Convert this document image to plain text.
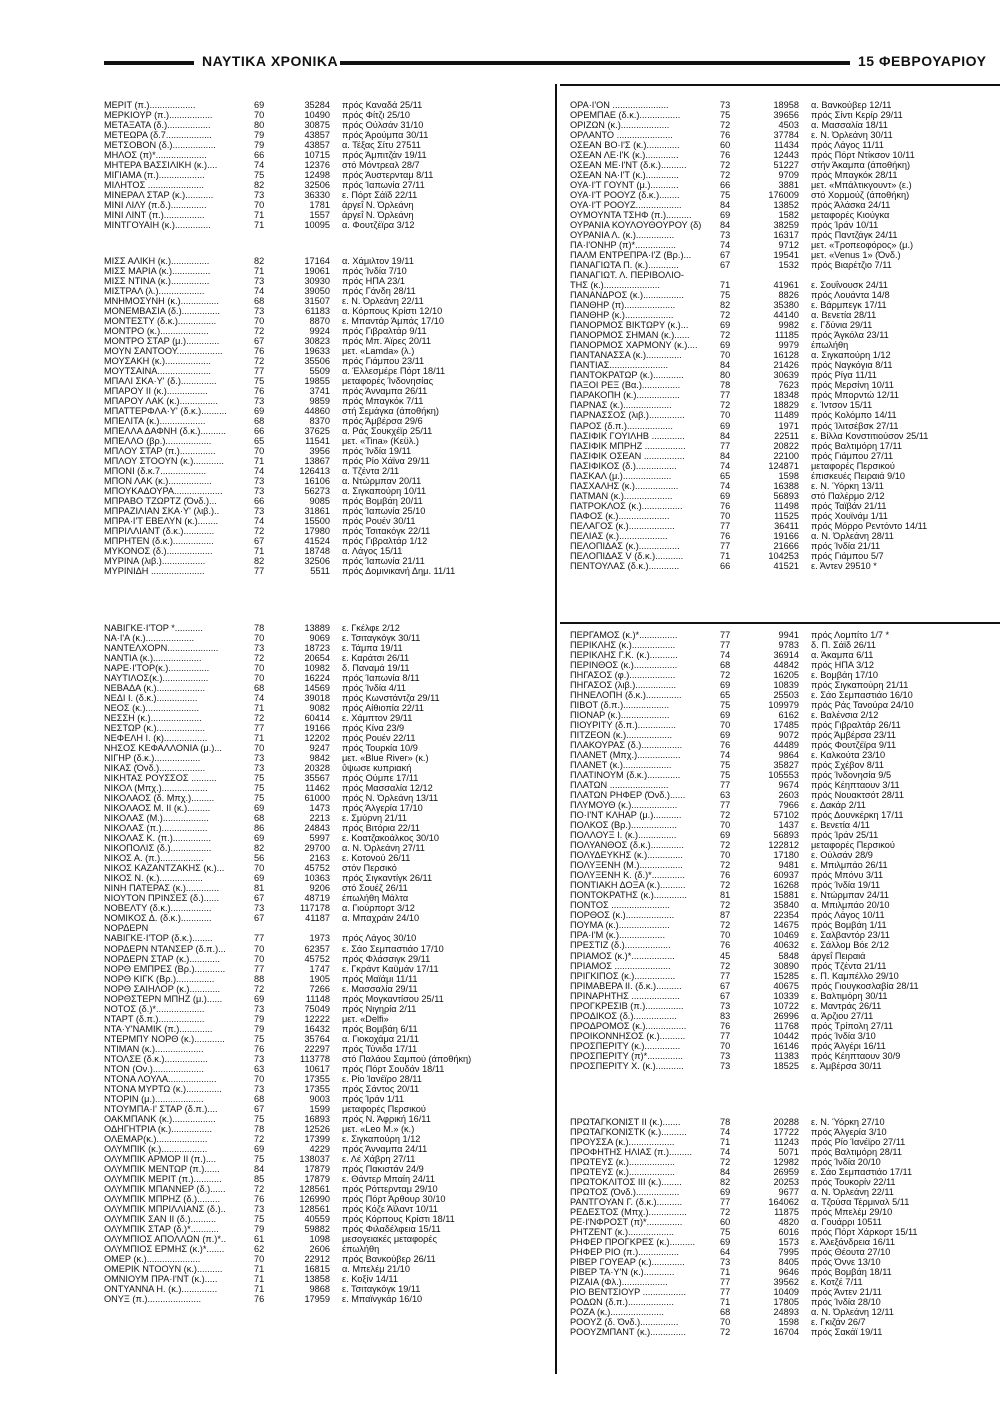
ΝΑΥΤΙΚΑ ΧΡΟΝΙΚΑ	15 ΦΕΒΡΟΥΑΡΙΟΥ
ΜΕΡΙΤ (π.)..................	69	35284 πρός Καναδά 25/11
ΜΕΡΚΙΟΥΡ (π.).................	70	10490 πρός Φίτζι 25/10
ΜΕΤΑΞΑΤΑ (δ.).................	80	30875 πρός Ούλσάν 31/10
ΜΕΤΕΩΡΑ (δ.7..................	79	43857 πρός Άρούμπα 30/11
ΜΕΤΣΟΒΟΝ (δ.).................	79	43857 α. Τέξας Σίτυ 27511
ΜΗΛΟΣ (π)*....................	66	10715 πρός Άμπιτζάν 19/11
ΜΗΤΕΡΑ ΒΑΣΣΙΛΙΚΗ (κ.)....	74	12376 στό Μόντρεαλ 28/7
ΜΙΓΙΑΜΑ (π.)..................	75	12498 πρός Άυστερνταμ 8/11
ΜΙΛΗΤΟΣ ......................	82	32506 πρός Ίαπωνία 27/11
ΜΙΝΕΡΑΛ ΣΤΑΡ (κ.)...........	73	36330 ε. Πόρτ Σάϊδ 22/11
ΜΙΝΙ ΛΙΛΥ (π.δ.)..............	70	1781 άργεΐ Ν. Όρλεάνη
ΜΙΝΙ ΛΙΝΤ (π.)................	71	1557 άργεΐ Ν. Όρλεάνη
ΜΙΝΤΓΟΥΑΙΗ (κ.)..............	71	10095 α. Φουτζέϊρα 3/12
ΜΙΣΣ ΑΛΙΚΗ (κ.)...............	82	17164 α. Χάμιλτον 19/11
ΜΙΣΣ ΜΑΡΙΑ (κ.)...............	71	19061 πρός Ίνδία 7/10
ΜΙΣΣ ΝΤΙΝΑ (κ.)...............	73	30930 πρός ΗΠΑ 23/1
ΜΙΣΤΡΑΛ (λ.)..................	74	39050 πρός Γάνδη 28/11
ΜΝΗΜΟΣΥΝΗ (κ.)...............	68	31507 ε. Ν. Όρλεάνη 22/11
ΜΟΝΕΜΒΑΣΙΑ (δ.)...............	73	61183 α. Κόρπους Κρίστι 12/10
ΜΟΝΤΕΣΤΥ (δ.κ.)...............	70	8870 ε. Μπαντάρ Άμπάς 17/10
ΜΟΝΤΡΟ (κ.)...................	72	9924 πρός Γιβραλτάρ 9/11
ΜΟΝΤΡΟ ΣΤΑΡ (μ.).............	67	30823 πρός Μπ. Άϊρες 20/11
ΜΟΥΝ ΣΑΝΤΟΟΥ..................	76	19633 μετ. «Lamda» (λ.)
ΜΟΥΣΑΚΗ (κ.)..................	72	35506 πρός Γιάμπου 23/11
ΜΟΥΤΣΑΙΝΑ.....................	77	5509 α. Έλλεσμέρε Πόρτ 18/11
ΜΠΑΛΙ ΣΚΑ·Υ' (δ.)..............	75	19855 μεταφορές Ίνδονησίας
ΜΠΑΡΟΥ ΙΙ (κ.)................	76	3741 πρός Άνναμπα 26/11
ΜΠΑΡΟΥ ΛΑΚ (κ.)...............	73	9859 πρός Μπαγκόκ 7/11
ΜΠΑΤΤΕΡΦΛΑ·Υ' (δ.κ.)..........	69	44860 στή Σεμάγκα (άποθήκη)
ΜΠΕΛΙΤΑ (κ.)..................	68	8370 πρός Άμβέρσα 29/6
ΜΠΕΛΛΑ ΔΑΦΝΗ (δ.κ.)..........	66	37625 α. Ράς Σουκχέϊρ 25/11
ΜΠΕΛΛΟ (βρ.)..................	65	11541 μετ. «Tina» (Κεϋλ.)
ΜΠΛΟΥ ΣΤΑΡ (π.)..............	70	3956 πρός Ίνδία 19/11
ΜΠΛΟΥ ΣΤΟΟΥΝ (κ.)............	71	13867 πρός Ρίο Χάϊνα 29/11
ΜΠΟΝΙ (δ.κ.7..................	74	126413 α. Τζέντα 2/11
ΜΠΟΝ ΛΑΚ (κ.).................	73	16106 α. Ντώρμπαν 20/11
ΜΠΟΥΚΑΔΟΥΡΑ...................	73	56273 α. Σιγκαπούρη 10/11
ΜΠΡΑΒΟ ΤΖΩΡΤΖ (Όνδ.)...	66	9085 πρός Βομβάη 20/11
ΜΠΡΑΖΙΛΙΑΝ ΣΚΑ·Υ' (λιβ.)..	73	31861 πρός Ίαπωνία 25/10
ΜΠΡΑ·Ι'Τ ΕΒΕΛΥΝ (κ.)........	74	15500 πρός Ρουέν 30/11
ΜΠΡΙΛΛΙΑΝΤ (δ.κ.)............	72	17980 πρός Τσιτακόγκ 22/11
ΜΠΡΗΤΕΝ (δ.κ.)................	67	41524 πρός Γιβραλτάρ 1/12
ΜΥΚΟΝΟΣ (δ.)..................	71	18748 α. Λάγος 15/11
ΜΥΡΙΝΑ (λιβ.).................	82	32506 πρός Ίαπωνία 21/11
ΜΥΡΙΝΙΔΗ .....................	77	5511 πρός Δομινικανή Δημ. 11/11
ΝΑΒΙΓΚΕ·Ι'ΤΟΡ *...........	78	13889 ε. Γκέλφε 2/12
ΝΑ·Ι'Α (κ.)...................	70	9069 ε. Τσιταγκόγκ 30/11
ΝΑΝΤΕΛΧΟΡΝ....................	73	18723 ε. Τάμπα 19/11
ΝΑΝΤΙΑ (κ.)...................	72	20654 ε. Καράτσι 26/11
ΝΑΡΕ·Ι'ΤΟΡ(κ.)................	70	10982 δ. Παναμά 19/11
ΝΑΥΤΙΛΟΣ(κ.)..................	70	16224 πρός Ίαπωνία 8/11
ΝΕΒΑΔΑ (κ.)...................	68	14569 πρός Ίνδία 4/11
ΝΕΔΙ Ι. (δ.κ.)................	74	39018 πρός Κωνστάντζα 29/11
ΝΕΟΣ (κ.).....................	71	9082 πρός Αίθιοπία 22/11
ΝΕΣΣΗ (κ.)....................	72	60414 ε. Χάμπτον 29/11
ΝΕΣΤΩΡ (κ.)...................	77	19166 πρός Κίνα 23/9
ΝΕΦΕΛΗ Ι. (κ).................	71	12202 πρός Ρουέν 22/11
ΝΗΣΟΣ ΚΕΦΑΛΛΟΝΙΑ (μ.)...	70	9247 πρός Τουρκία 10/9
ΝΙΓΗΡ (δ.κ.)..................	73	9842 μετ. «Blue River» (κ.)
ΝΙΚΑΣ (Όνδ.)..................	73	20328 ΰψωσε κυπριακή
ΝΙΚΗΤΑΣ ΡΟΥΣΣΟΣ ..........	75	35567 πρός Ούμπε 17/11
ΝΙΚΟΛ (Μπχ.)..................	75	11462 πρός Μασσαλία 12/12
ΝΙΚΟΛΑΟΣ (δ. Μπχ.).........	75	61000 πρός Ν. Όρλεάνη 13/11
ΝΙΚΟΛΑΟΣ Μ. ΙΙ (κ.).........	69	1473 πρός Άλγερία 17/10
ΝΙΚΟΛΑΣ (Μ.)..................	68	2213 ε. Σμύρνη 21/11
ΝΙΚΟΛΑΣ (π.)..................	86	24843 πρός Βιτόρια 22/11
ΝΙΚΟΛΑΣ Κ. (π.)...............	69	5997 ε. Κοατζακοάλκος 30/10
ΝΙΚΟΠΟΛΙΣ (δ.)................	82	29700 α. Ν. Όρλεάνη 27/11
ΝΙΚΟΣ Α. (π.).................	56	2163 ε. Κοτονού 26/11
ΝΙΚΟΣ ΚΑΖΑΝΤΖΑΚΗΣ (κ.)...	70	45752 στόν Περσικό
ΝΙΚΟΣ Ν. (κ.).................	69	10363 πρός Σιγκαντίγκ 26/11
ΝΙΝΗ ΠΑΤΕΡΑΣ (κ.).............	81	9206 στό Σουέζ 26/11
ΝΙΟΥΤΟΝ ΠΡΙΝΣΕΣ (δ.)......	67	48719 έπωλήθη Μάλτα
ΝΟΒΕΛΤΥ (δ.κ.)................	73	117178 α. Γιούρπορτ 3/12
ΝΟΜΙΚΟΣ Δ. (δ.κ.)............	67	41187 α. Μπαχράιν 24/10
ΝΟΡΔΕΡΝ
ΝΑΒΙΓΚΕ·Ι'ΤΟΡ (δ.κ.)........	77	1973 πρός Λάγος 30/10
ΝΟΡΔΕΡΝ ΝΤΑΝΣΕΡ (δ.π.)...	70	62357 ε. Σάο Σεμπαστιάο 17/10
ΝΟΡΔΕΡΝ ΣΤΑΡ (κ.)............	70	45752 πρός Φλάσσιγκ 29/11
ΝΟΡΘ ΕΜΠΡΕΣ (Βρ.)............	77	1747 ε. Γκράντ Καϋμάν 17/11
ΝΟΡΘ ΚΙΓΚ (Βρ.)...............	88	1905 πρός Μαϊάμι 11/11
ΝΟΡΘ ΣΑΙΗΛΟΡ (κ.)............	72	7266 ε. Μασσαλία 29/11
ΝΟΡΘΣΤΕΡΝ ΜΠΗΖ (μ.)......	69	11148 πρός Μογκαντίσου 25/11
ΝΟΤΟΣ (δ.)*...................	73	75049 πρός Νιγηρία 2/11
ΝΤΑΡΤ (δ.π.)..................	79	12222 μετ. «Delfi»
ΝΤΑ·Υ'ΝΑΜΙΚ (π.).............	79	16432 πρός Βομβάη 6/11
ΝΤΕΡΜΠΥ ΝΟΡΘ (κ.)............	75	35764 α. Γιοκοχάμα 21/11
ΝΤΙΜΑΝ (κ.)...................	76	22297 πρός Τύνιδα 17/11
ΝΤΟΛΣΕ (δ.κ.).................	73	113778 στό Παλάου Σαμπού (άποθήκη)
ΝΤΟΝ (Ον.)....................	63	10617 πρός Πόρτ Σουδάν 18/11
ΝΤΟΝΑ ΛΟΥΛΑ...................	70	17355 ε. Ρίο Ίανέϊρο 28/11
ΝΤΟΝΑ ΜΥΡΤΩ (κ.)..............	73	17355 πρός Σάντος 20/11
ΝΤΟΡΙΝ (μ.)...................	68	9003 πρός Ίράν 1/11
ΝΤΟΥΜΠΑ·Ι' ΣΤΑΡ (δ.π.)....	67	1599 μεταφορές Περσικού
ΟΑΚΜΠΑΝΚ (κ.).................	75	16893 πρός Ν. Άφρική 16/11
ΟΔΗΓΗΤΡΙΑ (κ.)................	78	12526 μετ. «Leo M.» (κ.)
ΟΛΕΜΑΡ(κ.)....................	72	17399 ε. Σιγκαπούρη 1/12
ΟΛΥΜΠΙΚ (κ.)..................	69	4229 πρός Άνναμπα 24/11
ΟΛΥΜΠΙΚ ΑΡΜΟΡ ΙΙ (π.)....	75	138037 ε. Λέ Χάβρη 27/11
ΟΛΥΜΠΙΚ ΜΕΝΤΩΡ (π.)......	84	17879 πρός Πακιστάν 24/9
ΟΛΥΜΠΙΚ ΜΕΡΙΤ (π.)...........	85	17879 ε. Θάντερ Μπαίη 24/11
ΟΛΥΜΠΙΚ ΜΠΑΝΝΕΡ (δ.)......	72	128561 πρός Ρόττερνταμ 29/10
ΟΛΥΜΠΙΚ ΜΠΡΗΖ (δ.).........	76	126990 πρός Πόρτ Άρθουρ 30/10
ΟΛΥΜΠΙΚ ΜΠΡΙΛΛΙΑΝΣ (δ.)..	73	128561 πρός Κόζε Άϊλαντ 10/11
ΟΛΥΜΠΙΚ ΣΑΝ ΙΙ (δ.)..........	75	40559 πρός Κόρπους Κρίστι 18/11
ΟΛΥΜΠΙΚ ΣΤΑΡ (δ.)*...........	79	59882 πρός Φιλαδέλφεια 15/11
ΟΛΥΜΠΙΟΣ ΑΠΟΛΛΩΝ (π.)*..	61	1098 μεσογειακές μεταφορές
ΟΛΥΜΠΙΟΣ ΕΡΜΗΣ (κ.)*.......	62	2606 έπωλήθη
ΟΜΕΡ (κ.).....................	70	22912 πρός Βανκούβερ 26/11
ΟΜΕΡΙΚ ΝΤΟΟΥΝ (κ.)..........	71	16815 α. Μπελέμ 21/10
ΟΜΝΙΟΥΜ ΠΡΑ·Ι'ΝΤ (κ.).....	71	13858 ε. Κοξίν 14/11
ΟΝΤΥΑΝΝΑ Η. (κ.)..............	71	9868 ε. Τσιταγκόγκ 19/11
ΟΝΥΞ (π.).....................	76	17959 ε. Μπαϊνγκάρ 16/10
ΟΡΑ·Ι'ΟΝ ......................	73	18958 α. Βανκούβερ 12/11
ΟΡΕΜΠΑΕ (δ.κ.)................	75	39656 πρός Σίντι Κερίρ 29/11
ΟΡΙΖΩΝ (κ.)...................	72	4503 α. Μασσαλία 18/11
ΟΡΛΑΝΤΟ ......................	76	37784 ε. Ν. Όρλεάνη 30/11
ΟΣΕΑΝ ΒΟ·Ι'Σ (κ.).............	60	11434 πρός Λάγος 11/11
ΟΣΕΑΝ ΛΕ·Ι'Κ (κ.).............	76	12443 πρός Πόρτ Ντίκσον 10/11
ΟΣΕΑΝ ΜΕ·Ι'ΝΤ (δ.κ.)..........	72	51227 στήν Άκαμπα (άποθήκη)
ΟΣΕΑΝ ΝΑ·Ι'Τ (κ.).............	72	9709 πρός Μπαγκόκ 28/11
ΟΥΑ·Ι'Τ ΓΟΥΝΤ (μ.)...........	66	3881 μετ. «Μπάλτικγουντ» (ε.)
ΟΥΑ·Ι'Τ ΡΟΟΥΖ (δ.κ.)........	75	176009 στό Χορμούζ (άποθήκη)
ΟΥΑ·Ι'Τ ΡΟΟΥΖ..................	84	13852 πρός Άλάσκα 24/11
ΟΥΜΟΥΝΤΑ ΤΣΗΦ (π.)..........	69	1582 μεταφορές Κιούγκα
ΟΥΡΑΝΙΑ ΚΟΥΛΟΥΘΟΥΡΟΥ (δ)	84	38259 πρός Ίράν 10/11
ΟΥΡΑΝΙΑ Λ. (κ.)...............	73	16317 πρός Παντζάγκ 24/11
ΠΑ·Ι'ΟΝΗΡ (π)*................	74	9712 μετ. «Τροπεοφόρος» (μ.)
ΠΑΛΜ ΕΝΤΡΕΠΡΑ·Ι'Ζ (Βρ.)...	67	19541 μετ. «Venus 1» (Όνδ.)
ΠΑΝΑΓΙΩΤΑ Π. (κ.)............	67	1532 πρός Βιαρέτζιο 7/11
ΠΑΝΑΓΙΩΤ. Λ. ΠΕΡΙΒΟΛΙΟ-
ΤΗΣ (κ.)......................	71	41961 ε. Σουΐνουσκ 24/11
ΠΑΝΑΝΔΡΟΣ (κ.)................	75	8826 πρός Λουάντα 14/8
ΠΑΝΘΗΡ (π)....................	82	35380 ε. Βάρμπεγκ 17/11
ΠΑΝΘΗΡ (κ.)...................	72	44140 α. Βενετία 28/11
ΠΑΝΟΡΜΟΣ ΒΙΚΤΩΡΥ (κ.)...	69	9982 ε. Γδύνια 29/11
ΠΑΝΟΡΜΟΣ ΣΗΜΑΝ (κ.)......	72	11185 πρός Άγκόλα 23/11
ΠΑΝΟΡΜΟΣ ΧΑΡΜΟΝΥ (κ.)....	69	9979 έπωλήθη
ΠΑΝΤΑΝΑΣΣΑ (κ.)..............	70	16128 α. Σιγκαπούρη 1/12
ΠΑΝΤΙΑΣ.......................	84	21426 πρός Ναγκόγια 8/11
ΠΑΝΤΟΚΡΑΤΩΡ (κ.)............	80	30639 πρός Ρίγα 11/11
ΠΑΞΟΙ ΡΕΞ (Βα.)...............	78	7623 πρός Μερσίνη 10/11
ΠΑΡΑΚΟΠΗ (κ.).................	77	18348 πρός Μπορντώ 12/11
ΠΑΡΝΑΣ (κ.)...................	72	18829 ε. Ίντσον 15/11
ΠΑΡΝΑΣΣΟΣ (λιβ.)..............	70	11489 πρός Κολόμπο 14/11
ΠΑΡΟΣ (δ.π.)..................	69	1971 πρός Ίλιτσέβσκ 27/11
ΠΑΣΙΦΙΚ ΓΟΥΙΛΗΒ .............	84	22511 ε. Βίλλα Κονστιτιούσον 25/11
ΠΑΣΙΦΙΚ ΜΠΡΗΖ ................	77	20822 πρός Βαλτιμόρη 17/11
ΠΑΣΙΦΙΚ ΟΣΕΑΝ ................	84	22100 πρός Γιάμπου 27/11
ΠΑΣΙΦΙΚΟΣ (δ.)................	74	124871 μεταφορές Περσικού
ΠΑΣΚΑΛ (μ.)...................	65	1598 έπισκευές Πειραιά 9/10
ΠΑΣΧΑΛΗΣ (κ.).................	74	16388 ε. Ν. Ύόρκη 13/11
ΠΑΤΜΑΝ (κ.)...................	69	56893 στό Παλέρμο 2/12
ΠΑΤΡΟΚΛΟΣ (κ.)................	76	11498 πρός Ταϊβάν 21/11
ΠΑΦΟΣ (κ.)....................	70	11525 πρός Χουϊνάμ 1/11
ΠΕΛΑΓΟΣ (κ.)..................	77	36411 πρός Μόρρο Ρεντόντο 14/11
ΠΕΛΙΑΣ (κ.)...................	76	19166 α. Ν. Όρλεάνη 28/11
ΠΕΛΟΠΙΔΑΣ (κ.)................	77	21666 πρός Ίνδία 21/11
ΠΕΛΟΠΙΔΑΣ V (δ.κ.)...........	71	104253 πρός Γιάμπου 5/7
ΠΕΝΤΟΥΛΑΣ (δ.κ.)............	66	41521 ε. Άντεν 29510 *
ΠΕΡΓΑΜΟΣ (κ.)*...............	77	9941 πρός Λομπίτο 1/7 *
ΠΕΡΙΚΛΗΣ (κ.).................	77	9783 δ. Π. Σάϊδ 26/11
ΠΕΡΙΚΛΗΣ Γ.Κ. (κ.)...........	74	36914 α. Άκαμπα 6/11
ΠΕΡΙΝΘΟΣ (κ.).................	68	44842 πρός ΗΠΑ 3/12
ΠΗΓΑΣΟΣ (φ.)..................	72	16205 ε. Βομβάη 17/10
ΠΗΓΑΣΟΣ (λιβ.)................	69	10839 πρός Σιγκαπούρη 21/11
ΠΗΝΕΛΟΠΗ (δ.κ.)..............	65	25503 ε. Σάο Σεμπαστιάο 16/10
ΠΙΒΟΤ (δ.π.)..................	75	109979 πρός Ράς Τανούρα 24/10
ΠΙΟΝΑΡ (κ.)...................	69	6162 ε. Βαλένσια 2/12
ΠΙΟΥΡΙΤΥ (δ.π.)...............	70	17485 πρός Γιβραλτάρ 26/11
ΠΙΤΖΕΟΝ (κ.)..................	69	9072 πρός Άμβέρσα 23/11
ΠΛΑΚΟΥΡΑΣ (δ.)................	76	44489 πρός Φουτζέϊρα 9/11
ΠΛΑΝΕΤ (Μπχ.).................	74	9864 ε. Καλκούτα 23/10
ΠΛΑΝΕΤ (κ.)...................	75	35827 πρός Σχέβον 8/11
ΠΛΑΤΙΝΟΥΜ (δ.κ.).............	75	105553 πρός Ίνδονησία 9/5
ΠΛΑΤΩΝ .......................	77	9674 πρός Κέηπταουν 3/11
ΠΛΑΤΩΝ ΡΗΦΕΡ (Όνδ.)......	63	2603 πρός Νουακτσότ 28/11
ΠΛΥΜΟΥΘ (κ.)..................	77	7966 ε. Δακάρ 2/11
ΠΟ·Ι'ΝΤ ΚΛΗΑΡ (μ.)...........	72	57102 πρός Δουνκέρκη 17/11
ΠΟΛΚΟΣ (Βρ.)..................	70	1437 ε. Βενετία 4/11
ΠΟΛΛΟΥΞ Ι. (κ.)...............	69	56893 πρός Ίράν 25/11
ΠΟΛΥΑΝΘΟΣ (δ.κ.).............	72	122812 μεταφορές Περσικού
ΠΟΛΥΔΕΥΚΗΣ (κ.)..............	70	17180 ε. Ούλσάν 28/9
ΠΟΛΥΞΕΝΗ (Μ.).................	72	9481 ε. Μπιλμπάο 26/11
ΠΟΛΥΞΕΝΗ Κ. (δ.)*.............	76	60937 πρός Μπόνυ 3/11
ΠΟΝΤΙΑΚΗ ΔΟΞΑ (κ.)..........	72	16268 πρός Ίνδία 19/11
ΠΟΝΤΟΚΡΑΤΗΣ (κ.).............	81	15881 ε. Ντώρμπαν 24/11
ΠΟΝΤΟΣ .......................	72	35840 α. Μπιλμπάο 20/10
ΠΟΡΘΟΣ (κ.)...................	87	22354 πρός Λάγος 10/11
ΠΟΥΜΑ (κ.)....................	72	14675 πρός Βομβάη 1/11
ΠΡΑ·Ι'Μ (κ.)..................	70	10469 ε. Σαλβαντόρ 23/11
ΠΡΕΣΤΙΖ (δ.)..................	76	40632 ε. Σάλλομ Βόε 2/12
ΠΡΙΑΜΟΣ (κ.)*.................	45	5848 άργεΐ Πειραιά
ΠΡΙΑΜΟΣ ......................	72	30890 πρός Τζέντα 21/11
ΠΡΙΓΚΙΠΟΣ (κ.)................	77	15285 ε. Π. Καμπέλλο 29/10
ΠΡΙΜΑΒΕΡΑ ΙΙ. (δ.κ.)..........	67	40675 πρός Γιουγκοσλαβία 28/11
ΠΡΙΝΑΡΗΤΗΣ ...................	67	10339 ε. Βαλτιμόρη 30/11
ΠΡΟΓΚΡΕΣΙΒ (π.)...............	73	10722 ε. Μαντράς 26/11
ΠΡΟΔΙΚΟΣ (δ.).................	83	26996 α. Άρζιου 27/11
ΠΡΟΔΡΟΜΟΣ (κ.)................	76	11768 πρός Τρίπολη 27/11
ΠΡΟΙΚΟΝΝΗΣΟΣ (κ.)..........	77	10442 πρός Ίνδία 3/10
ΠΡΟΣΠΕΡΙΤΥ (κ.)..............	70	16146 πρός Άλγέρι 16/11
ΠΡΟΣΠΕΡΙΤΥ (π)*..............	73	11383 πρός Κέηπταουν 30/9
ΠΡΟΣΠΕΡΙΤΥ Χ. (κ.)...........	73	18525 ε. Άμβέρσα 30/11
ΠΡΩΤΑΓΚΟΝΙΣΤ ΙΙ (κ.).......	78	20288 ε. Ν. Ύόρκη 27/10
ΠΡΩΤΑΓΚΟΝΙΣΤΚ (κ.)..........	74	17722 πρός Άλγερία 3/10
ΠΡΟΥΣΣΑ (κ.)..................	71	11243 πρός Ρίο Ίανέϊρο 27/11
ΠΡΟΦΗΤΗΣ ΗΛΙΑΣ (π.).........	74	5071 πρός Βαλτιμόρη 28/11
ΠΡΩΤΕΥΣ (κ.)..................	72	12982 πρός Ίνδία 20/10
ΠΡΩΤΕΥΣ (κ.)..................	84	26959 ε. Σάο Σεμπαστιάο 17/11
ΠΡΩΤΟΚΛΙΤΟΣ ΙΙΙ (κ.)........	82	20253 πρός Τουκορίν 22/11
ΠΡΩΤΟΣ (Όνδ.).................	69	9677 α. Ν. Όρλεάνη 22/11
ΡΑΝΤΓΟΥΑΝ Γ. (δ.κ.)..........	77	164062 α. Τζούσα Τέρμιναλ 5/11
ΡΕΔΕΣΤΟΣ (Μπχ.)...............	72	11875 πρός Μπελέμ 29/10
ΡΕ·Ι'ΝΦΡΟΣΤ (π)*..............	60	4820 α. Γουάρρι 10511
ΡΗΤΖΕΝΤ (κ.)..................	75	6016 πρός Πόρτ Χάρκορτ 15/11
ΡΗΦΕΡ ΠΡΟΓΚΡΕΣ (κ.)..........	69	1573 ε. Άλεξάνδρεια 16/11
ΡΗΦΕΡ ΡΙΟ (π.)................	64	7995 πρός Θέουτα 27/10
ΡΙΒΕΡ ΓΟΥΕΑΡ (κ.).............	73	8405 πρός Όννε 13/10
ΡΙΒΕΡ ΤΑ·Υ'Ν (κ.)............	71	9646 πρός Βομβάη 18/11
ΡΙΖΑΙΑ (Φλ.)..................	77	39562 ε. Κοτζέ 7/11
ΡΙΟ ΒΕΝΤΣΙΟΥΡ .................	77	10409 πρός Άντεν 21/11
ΡΟΔΩΝ (δ.π.)..................	71	17805 πρός Ίνδία 28/10
ΡΟΖΑ (κ.).....................	68	24893 α. Ν. Όρλεάνη 12/11
ΡΟΟΥΖ (δ. Όνδ.)...............	70	1598 ε. Γκιζάν 26/7
ΡΟΟΥΖΜΠΑΝΤ (κ.)..............	72	16704 πρός Σακάϊ 19/11
